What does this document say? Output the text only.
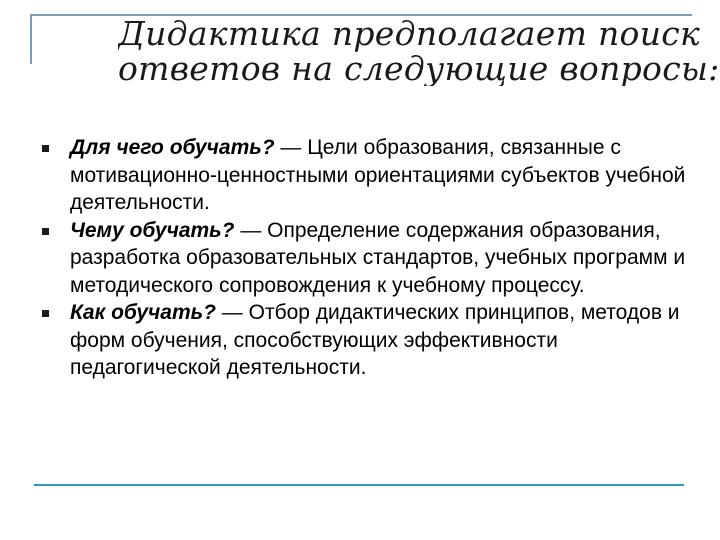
Дидактика предполагает поиск
ответов на следующие вопросы:
Для чего обучать? — Цели образования, связанные с мотивационно-ценностными ориентациями субъектов учебной деятельности.
Чему обучать? — Определение содержания образования, разработка образовательных стандартов, учебных программ и методического сопровождения к учебному процессу.
Как обучать? — Отбор дидактических принципов, методов и форм обучения, способствующих эффективности педагогической деятельности.
